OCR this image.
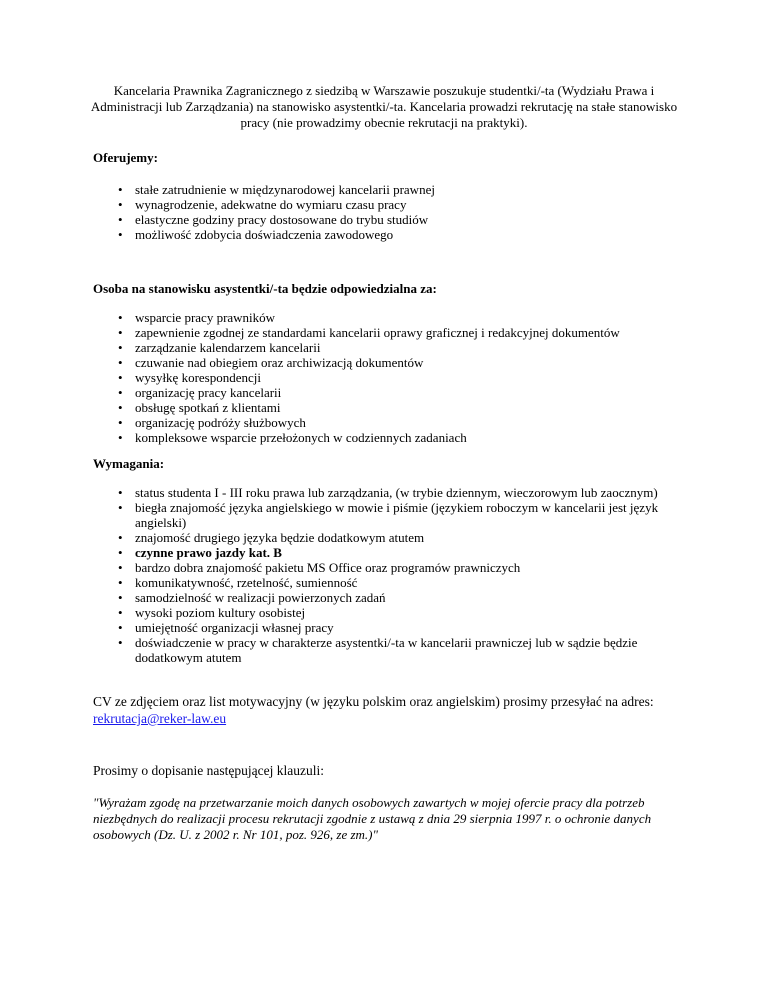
Kancelaria Prawnika Zagranicznego z siedzibą w Warszawie poszukuje studentki/-ta (Wydziału Prawa i Administracji lub Zarządzania) na stanowisko asystentki/-ta. Kancelaria prowadzi rekrutację na stałe stanowisko pracy (nie prowadzimy obecnie rekrutacji na praktyki).

Oferujemy:
• stałe zatrudnienie w międzynarodowej kancelarii prawnej
• wynagrodzenie, adekwatne do wymiaru czasu pracy
• elastyczne godziny pracy dostosowane do trybu studiów
• możliwość zdobycia doświadczenia zawodowego
Osoba na stanowisku asystentki/-ta będzie odpowiedzialna za:
• wsparcie pracy prawników
• zapewnienie zgodnej ze standardami kancelarii oprawy graficznej i redakcyjnej dokumentów
• zarządzanie kalendarzem kancelarii
• czuwanie nad obiegiem oraz archiwizacją dokumentów
• wysyłkę korespondencji
• organizację pracy kancelarii
• obsługę spotkań z klientami
• organizację podróży służbowych
• kompleksowe wsparcie przełożonych w codziennych zadaniach
Wymagania:
• status studenta I - III roku prawa lub zarządzania, (w trybie dziennym, wieczorowym lub zaocznym)
• biegła znajomość języka angielskiego w mowie i piśmie (językiem roboczym w kancelarii jest język angielski)
• znajomość drugiego języka będzie dodatkowym atutem
• czynne prawo jazdy kat. B
• bardzo dobra znajomość pakietu MS Office oraz programów prawniczych
• komunikatywność, rzetelność, sumienność
• samodzielność w realizacji powierzonych zadań
• wysoki poziom kultury osobistej
• umiejętność organizacji własnej pracy
• doświadczenie w pracy w charakterze asystentki/-ta w kancelarii prawniczej lub w sądzie będzie dodatkowym atutem

CV ze zdjęciem oraz list motywacyjny (w języku polskim oraz angielskim) prosimy przesyłać na adres: rekrutacja@reker-law.eu

Prosimy o dopisanie następującej klauzuli:

"Wyrażam zgodę na przetwarzanie moich danych osobowych zawartych w mojej ofercie pracy dla potrzeb niezbędnych do realizacji procesu rekrutacji zgodnie z ustawą z dnia 29 sierpnia 1997 r. o ochronie danych osobowych (Dz. U. z 2002 r. Nr 101, poz. 926, ze zm.)"
